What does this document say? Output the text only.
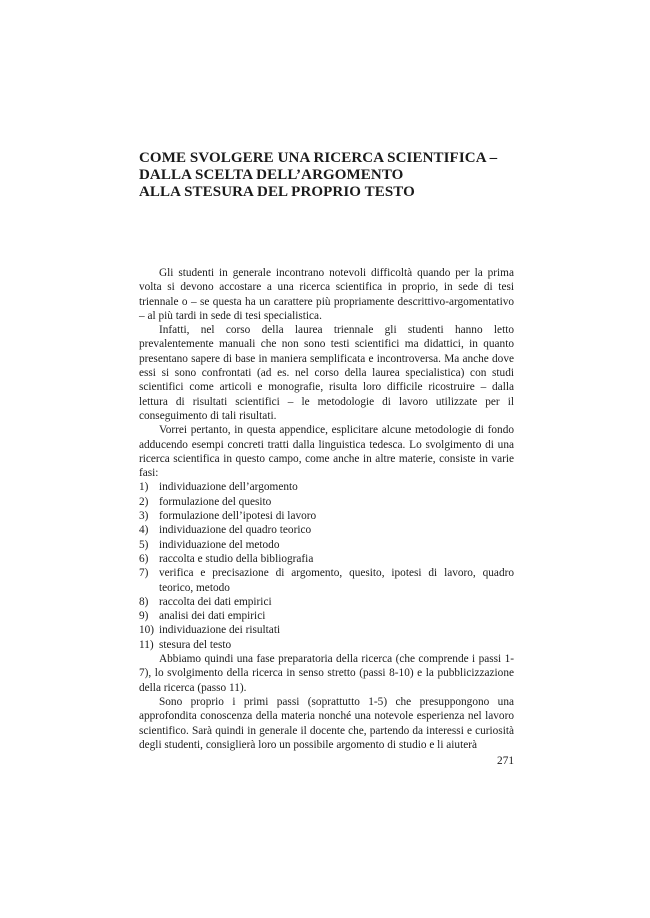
COME SVOLGERE UNA RICERCA SCIENTIFICA –
DALLA SCELTA DELL’ARGOMENTO
ALLA STESURA DEL PROPRIO TESTO

Gli studenti in generale incontrano notevoli difficoltà quando per la prima volta si devono accostare a una ricerca scientifica in proprio, in sede di tesi triennale o – se questa ha un carattere più propriamente descrittivo-argomentativo – al più tardi in sede di tesi specialistica.

Infatti, nel corso della laurea triennale gli studenti hanno letto prevalentemente manuali che non sono testi scientifici ma didattici, in quanto presentano sapere di base in maniera semplificata e incontroversa. Ma anche dove essi si sono confrontati (ad es. nel corso della laurea specialistica) con studi scientifici come articoli e monografie, risulta loro difficile ricostruire – dalla lettura di risultati scientifici – le metodologie di lavoro utilizzate per il conseguimento di tali risultati.

Vorrei pertanto, in questa appendice, esplicitare alcune metodologie di fondo adducendo esempi concreti tratti dalla linguistica tedesca. Lo svolgimento di una ricerca scientifica in questo campo, come anche in altre materie, consiste in varie fasi:

1) individuazione dell’argomento
2) formulazione del quesito
3) formulazione dell’ipotesi di lavoro
4) individuazione del quadro teorico
5) individuazione del metodo
6) raccolta e studio della bibliografia
7) verifica e precisazione di argomento, quesito, ipotesi di lavoro, quadro teorico, metodo
8) raccolta dei dati empirici
9) analisi dei dati empirici
10) individuazione dei risultati
11) stesura del testo

Abbiamo quindi una fase preparatoria della ricerca (che comprende i passi 1-7), lo svolgimento della ricerca in senso stretto (passi 8-10) e la pubblicizzazione della ricerca (passo 11).

Sono proprio i primi passi (soprattutto 1-5) che presuppongono una approfondita conoscenza della materia nonché una notevole esperienza nel lavoro scientifico. Sarà quindi in generale il docente che, partendo da interessi e curiosità degli studenti, consiglierà loro un possibile argomento di studio e li aiuterà

271
